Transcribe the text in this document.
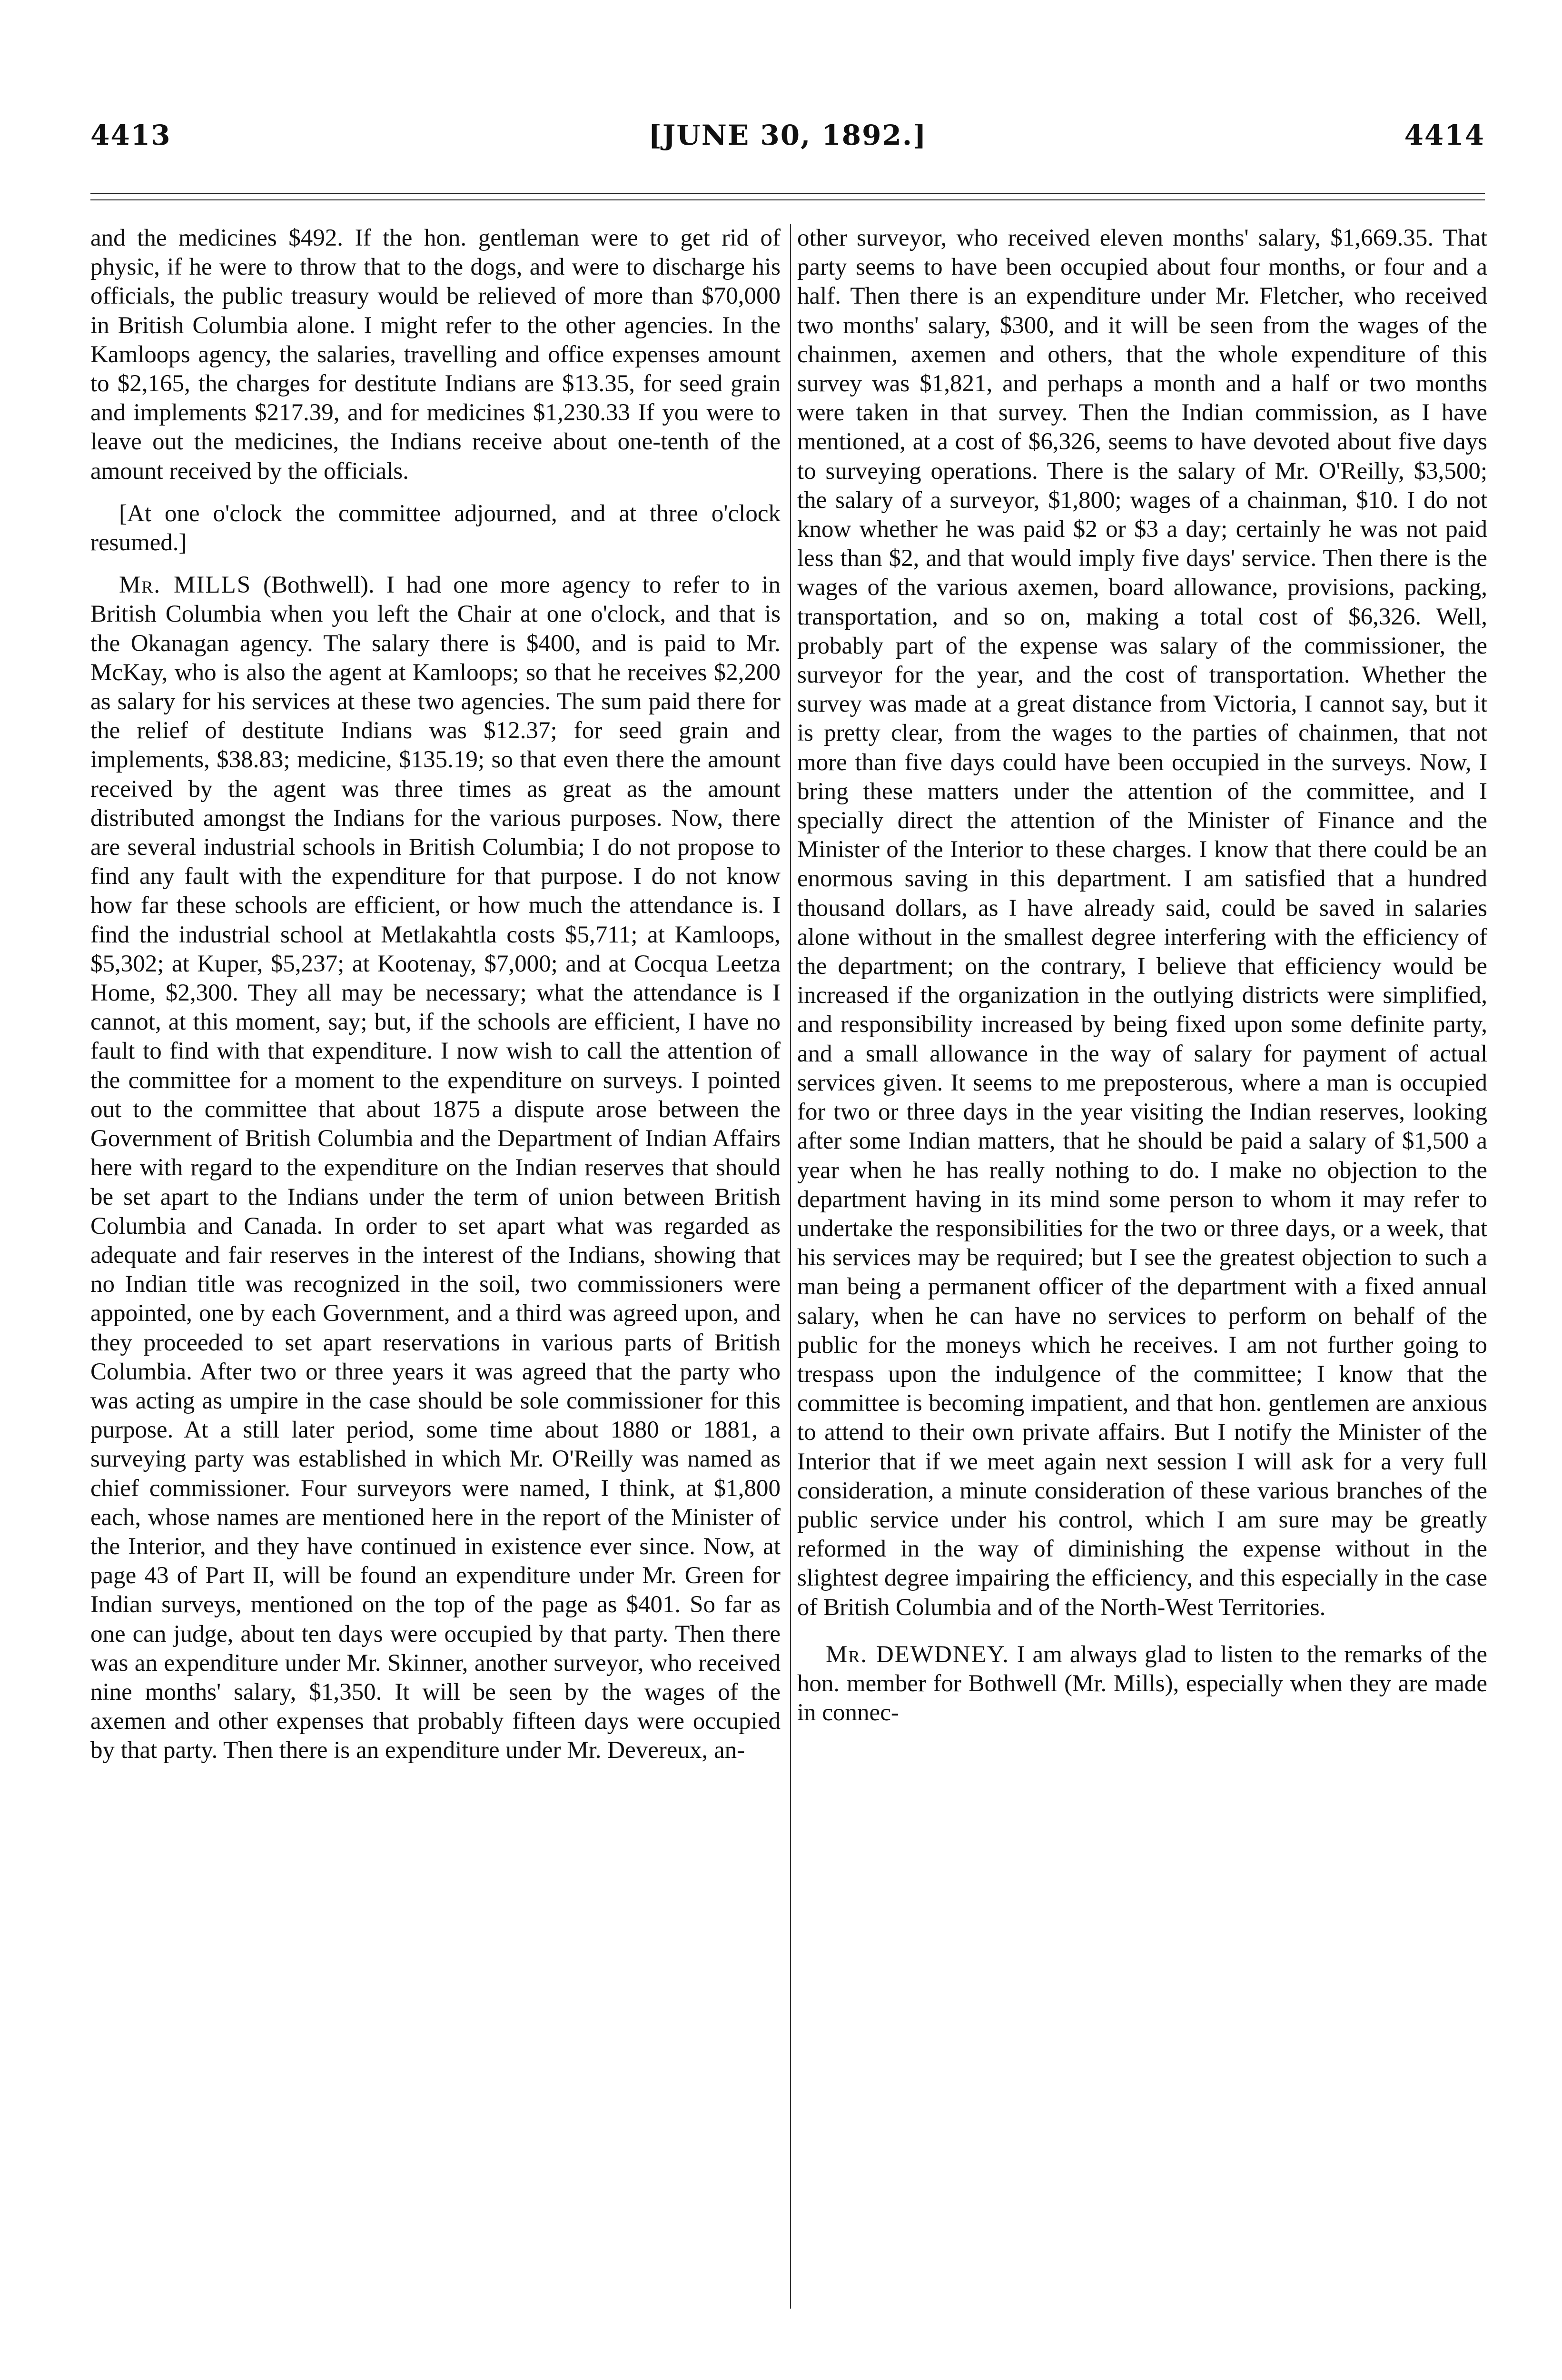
4413	[JUNE 30, 1892.]	4414

and the medicines $492. If the hon. gentleman were to get rid of physic, if he were to throw that to the dogs, and were to discharge his officials, the public treasury would be relieved of more than $70,000 in British Columbia alone. I might refer to the other agencies. In the Kamloops agency, the salaries, travelling and office expenses amount to $2,165, the charges for destitute Indians are $13.35, for seed grain and implements $217.39, and for medicines $1,230.33 If you were to leave out the medicines, the Indians receive about one-tenth of the amount received by the officials.

[At one o'clock the committee adjourned, and at three o'clock resumed.]

Mr. MILLS (Bothwell). I had one more agency to refer to in British Columbia when you left the Chair at one o'clock, and that is the Okanagan agency. The salary there is $400, and is paid to Mr. McKay, who is also the agent at Kamloops; so that he receives $2,200 as salary for his services at these two agencies. The sum paid there for the relief of destitute Indians was $12.37; for seed grain and implements, $38.83; medicine, $135.19; so that even there the amount received by the agent was three times as great as the amount distributed amongst the Indians for the various purposes. Now, there are several industrial schools in British Columbia; I do not propose to find any fault with the expenditure for that purpose. I do not know how far these schools are efficient, or how much the attendance is. I find the industrial school at Metlakahtla costs $5,711; at Kamloops, $5,302; at Kuper, $5,237; at Kootenay, $7,000; and at Cocqua Leetza Home, $2,300. They all may be necessary; what the attendance is I cannot, at this moment, say; but, if the schools are efficient, I have no fault to find with that expenditure. I now wish to call the attention of the committee for a moment to the expenditure on surveys. I pointed out to the committee that about 1875 a dispute arose between the Government of British Columbia and the Department of Indian Affairs here with regard to the expenditure on the Indian reserves that should be set apart to the Indians under the term of union between British Columbia and Canada. In order to set apart what was regarded as adequate and fair reserves in the interest of the Indians, showing that no Indian title was recognized in the soil, two commissioners were appointed, one by each Government, and a third was agreed upon, and they proceeded to set apart reservations in various parts of British Columbia. After two or three years it was agreed that the party who was acting as umpire in the case should be sole commissioner for this purpose. At a still later period, some time about 1880 or 1881, a surveying party was established in which Mr. O'Reilly was named as chief commissioner. Four surveyors were named, I think, at $1,800 each, whose names are mentioned here in the report of the Minister of the Interior, and they have continued in existence ever since. Now, at page 43 of Part II, will be found an expenditure under Mr. Green for Indian surveys, mentioned on the top of the page as $401. So far as one can judge, about ten days were occupied by that party. Then there was an expenditure under Mr. Skinner, another surveyor, who received nine months' salary, $1,350. It will be seen by the wages of the axemen and other expenses that probably fifteen days were occupied by that party. Then there is an expenditure under Mr. Devereux, an-

other surveyor, who received eleven months' salary, $1,669.35. That party seems to have been occupied about four months, or four and a half. Then there is an expenditure under Mr. Fletcher, who received two months' salary, $300, and it will be seen from the wages of the chainmen, axemen and others, that the whole expenditure of this survey was $1,821, and perhaps a month and a half or two months were taken in that survey. Then the Indian commission, as I have mentioned, at a cost of $6,326, seems to have devoted about five days to surveying operations. There is the salary of Mr. O'Reilly, $3,500; the salary of a surveyor, $1,800; wages of a chainman, $10. I do not know whether he was paid $2 or $3 a day; certainly he was not paid less than $2, and that would imply five days' service. Then there is the wages of the various axemen, board allowance, provisions, packing, transportation, and so on, making a total cost of $6,326. Well, probably part of the expense was salary of the commissioner, the surveyor for the year, and the cost of transportation. Whether the survey was made at a great distance from Victoria, I cannot say, but it is pretty clear, from the wages to the parties of chainmen, that not more than five days could have been occupied in the surveys. Now, I bring these matters under the attention of the committee, and I specially direct the attention of the Minister of Finance and the Minister of the Interior to these charges. I know that there could be an enormous saving in this department. I am satisfied that a hundred thousand dollars, as I have already said, could be saved in salaries alone without in the smallest degree interfering with the efficiency of the department; on the contrary, I believe that efficiency would be increased if the organization in the outlying districts were simplified, and responsibility increased by being fixed upon some definite party, and a small allowance in the way of salary for payment of actual services given. It seems to me preposterous, where a man is occupied for two or three days in the year visiting the Indian reserves, looking after some Indian matters, that he should be paid a salary of $1,500 a year when he has really nothing to do. I make no objection to the department having in its mind some person to whom it may refer to undertake the responsibilities for the two or three days, or a week, that his services may be required; but I see the greatest objection to such a man being a permanent officer of the department with a fixed annual salary, when he can have no services to perform on behalf of the public for the moneys which he receives. I am not further going to trespass upon the indulgence of the committee; I know that the committee is becoming impatient, and that hon. gentlemen are anxious to attend to their own private affairs. But I notify the Minister of the Interior that if we meet again next session I will ask for a very full consideration, a minute consideration of these various branches of the public service under his control, which I am sure may be greatly reformed in the way of diminishing the expense without in the slightest degree impairing the efficiency, and this especially in the case of British Columbia and of the North-West Territories.

Mr. DEWDNEY. I am always glad to listen to the remarks of the hon. member for Bothwell (Mr. Mills), especially when they are made in connec-
